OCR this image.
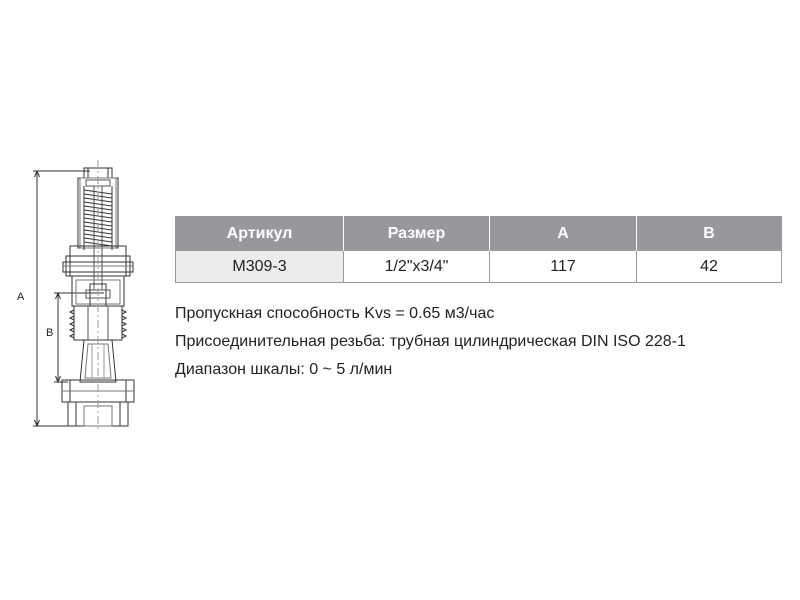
A
B
Артикул	Размер	A	B
M309-3	1/2"x3/4"	117	42
Пропускная способность Kvs = 0.65 м3/час
Присоединительная резьба: трубная цилиндрическая DIN ISO 228-1
Диапазон шкалы: 0 ~ 5 л/мин
